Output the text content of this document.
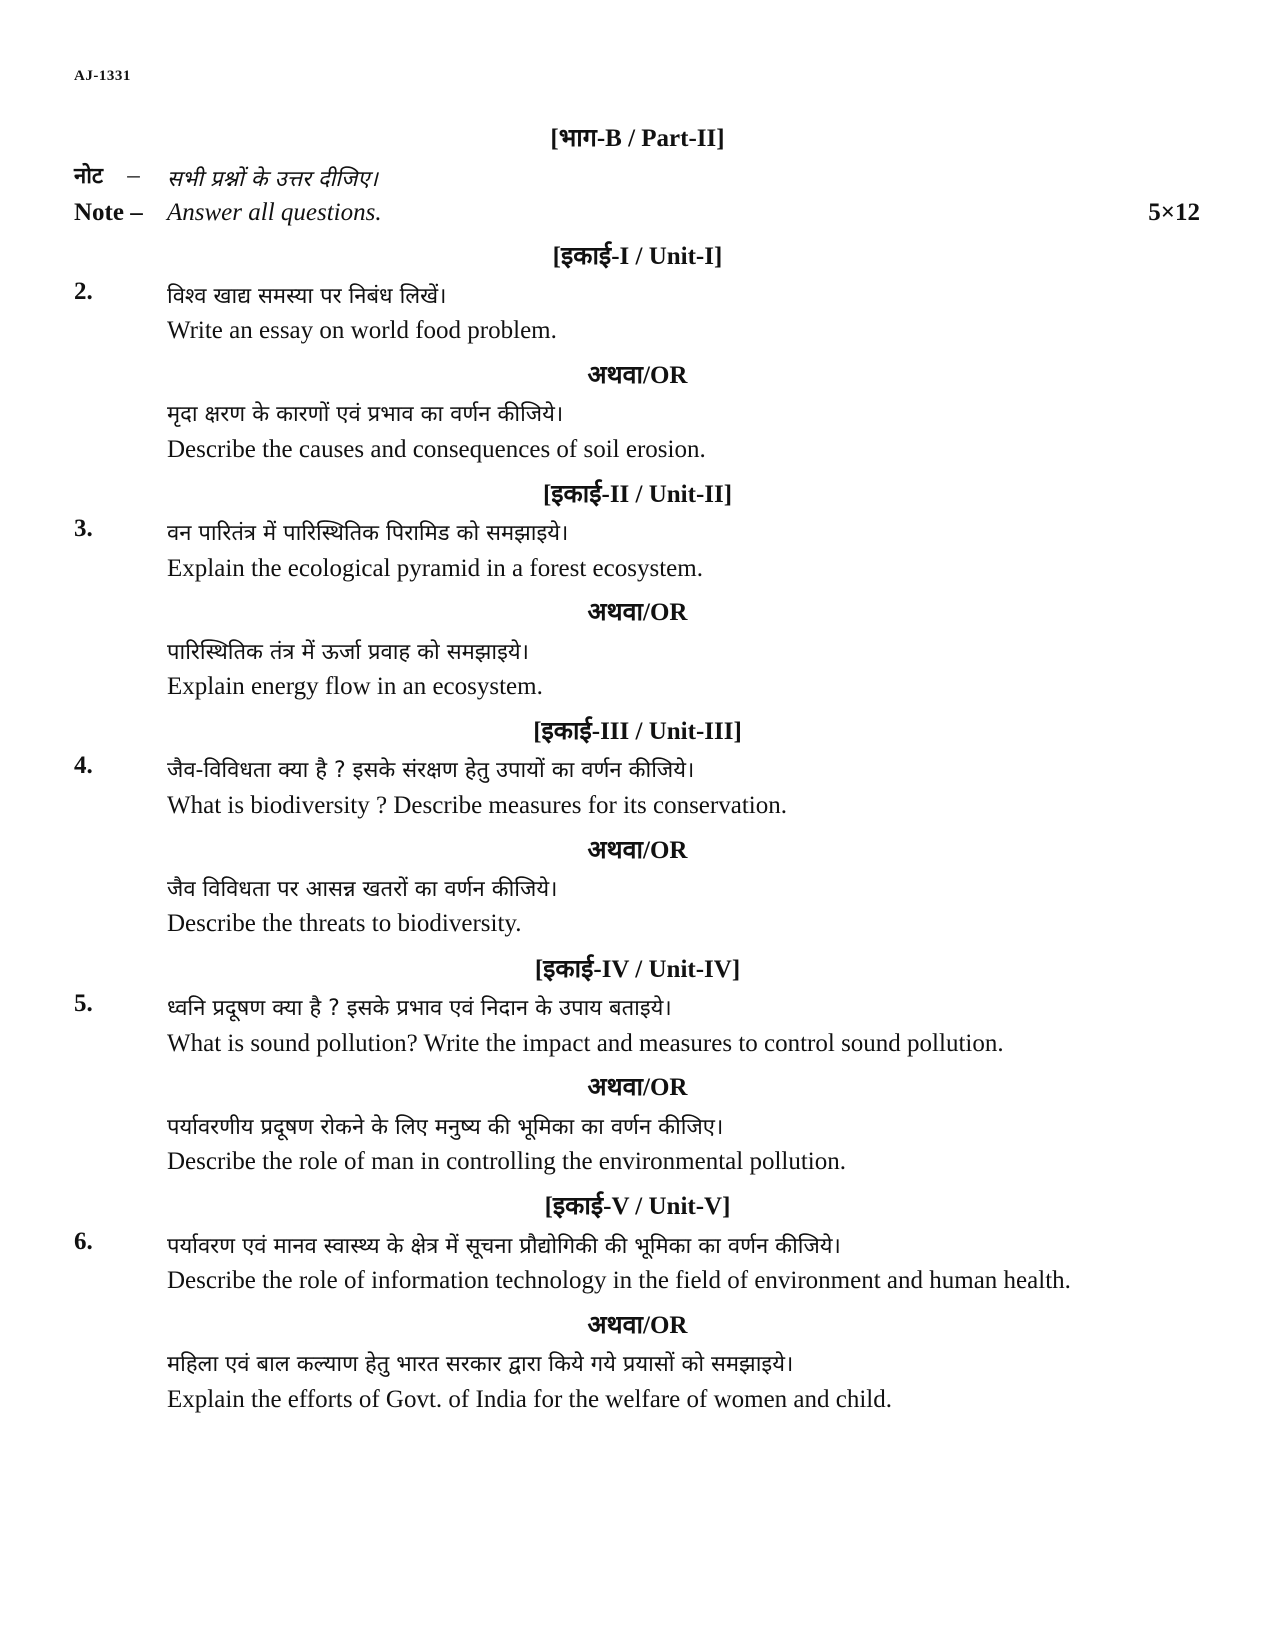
AJ-1331
[भाग-B / Part-II]
नोट – सभी प्रश्नों के उत्तर दीजिए।
Note – Answer all questions.	5×12
[इकाई-I / Unit-I]
2.	विश्व खाद्य समस्या पर निबंध लिखें।
Write an essay on world food problem.
अथवा/OR
मृदा क्षरण के कारणों एवं प्रभाव का वर्णन कीजिये।
Describe the causes and consequences of soil erosion.
[इकाई-II / Unit-II]
3.	वन पारितंत्र में पारिस्थितिक पिरामिड को समझाइये।
Explain the ecological pyramid in a forest ecosystem.
अथवा/OR
पारिस्थितिक तंत्र में ऊर्जा प्रवाह को समझाइये।
Explain energy flow in an ecosystem.
[इकाई-III / Unit-III]
4.	जैव-विविधता क्या है ? इसके संरक्षण हेतु उपायों का वर्णन कीजिये।
What is biodiversity ? Describe measures for its conservation.
अथवा/OR
जैव विविधता पर आसन्न खतरों का वर्णन कीजिये।
Describe the threats to biodiversity.
[इकाई-IV / Unit-IV]
5.	ध्वनि प्रदूषण क्या है ? इसके प्रभाव एवं निदान के उपाय बताइये।
What is sound pollution? Write the impact and measures to control sound pollution.
अथवा/OR
पर्यावरणीय प्रदूषण रोकने के लिए मनुष्य की भूमिका का वर्णन कीजिए।
Describe the role of man in controlling the environmental pollution.
[इकाई-V / Unit-V]
6.	पर्यावरण एवं मानव स्वास्थ्य के क्षेत्र में सूचना प्रौद्योगिकी की भूमिका का वर्णन कीजिये।
Describe the role of information technology in the field of environment and human health.
अथवा/OR
महिला एवं बाल कल्याण हेतु भारत सरकार द्वारा किये गये प्रयासों को समझाइये।
Explain the efforts of Govt. of India for the welfare of women and child.
